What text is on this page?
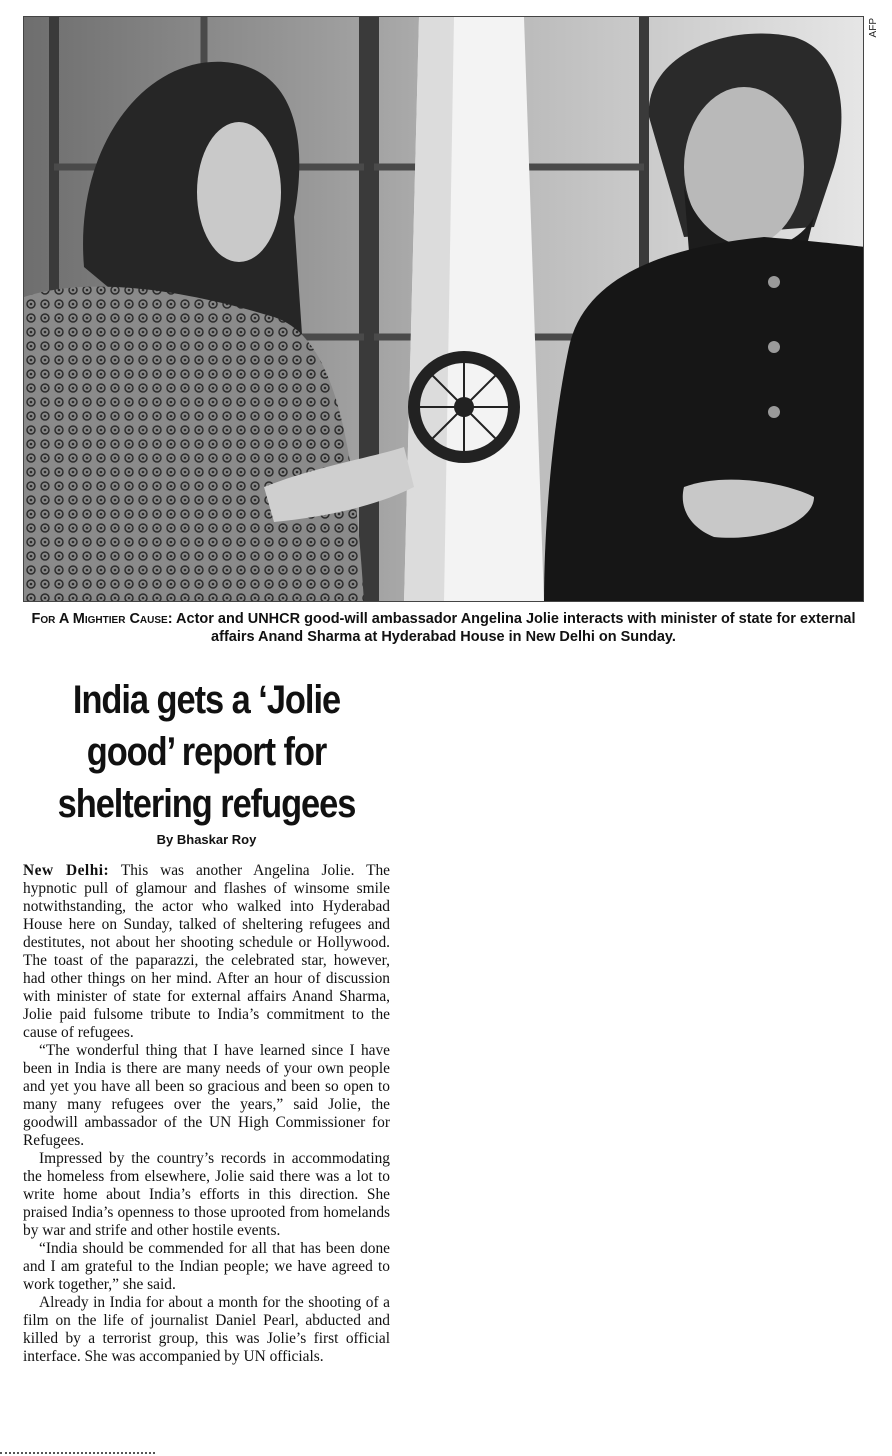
AFP
For A Mightier Cause: Actor and UNHCR good-will ambassador Angelina Jolie interacts with minister of state for external affairs Anand Sharma at Hyderabad House in New Delhi on Sunday.
India gets a ‘Jolie
good’ report for
sheltering refugees
By Bhaskar Roy

New Delhi: This was another Angelina Jolie. The hypnotic pull of glamour and flashes of winsome smile notwithstanding, the actor who walked into Hyderabad House here on Sunday, talked of sheltering refugees and destitutes, not about her shooting schedule or Hollywood. The toast of the paparazzi, the celebrated star, however, had other things on her mind. After an hour of discussion with minister of state for external affairs Anand Sharma, Jolie paid fulsome tribute to India’s commitment to the cause of refugees.

“The wonderful thing that I have learned since I have been in India is there are many needs of your own people and yet you have all been so gracious and been so open to many many refugees over the years,” said Jolie, the goodwill ambassador of the UN High Commissioner for Refugees.

Impressed by the country’s records in accommodating the homeless from elsewhere, Jolie said there was a lot to write home about India’s efforts in this direction. She praised India’s openness to those uprooted from homelands by war and strife and other hostile events.

“India should be commended for all that has been done and I am grateful to the Indian people; we have agreed to work together,” she said.

Already in India for about a month for the shooting of a film on the life of journalist Daniel Pearl, abducted and killed by a terrorist group, this was Jolie’s first official interface. She was accompanied by UN officials.
